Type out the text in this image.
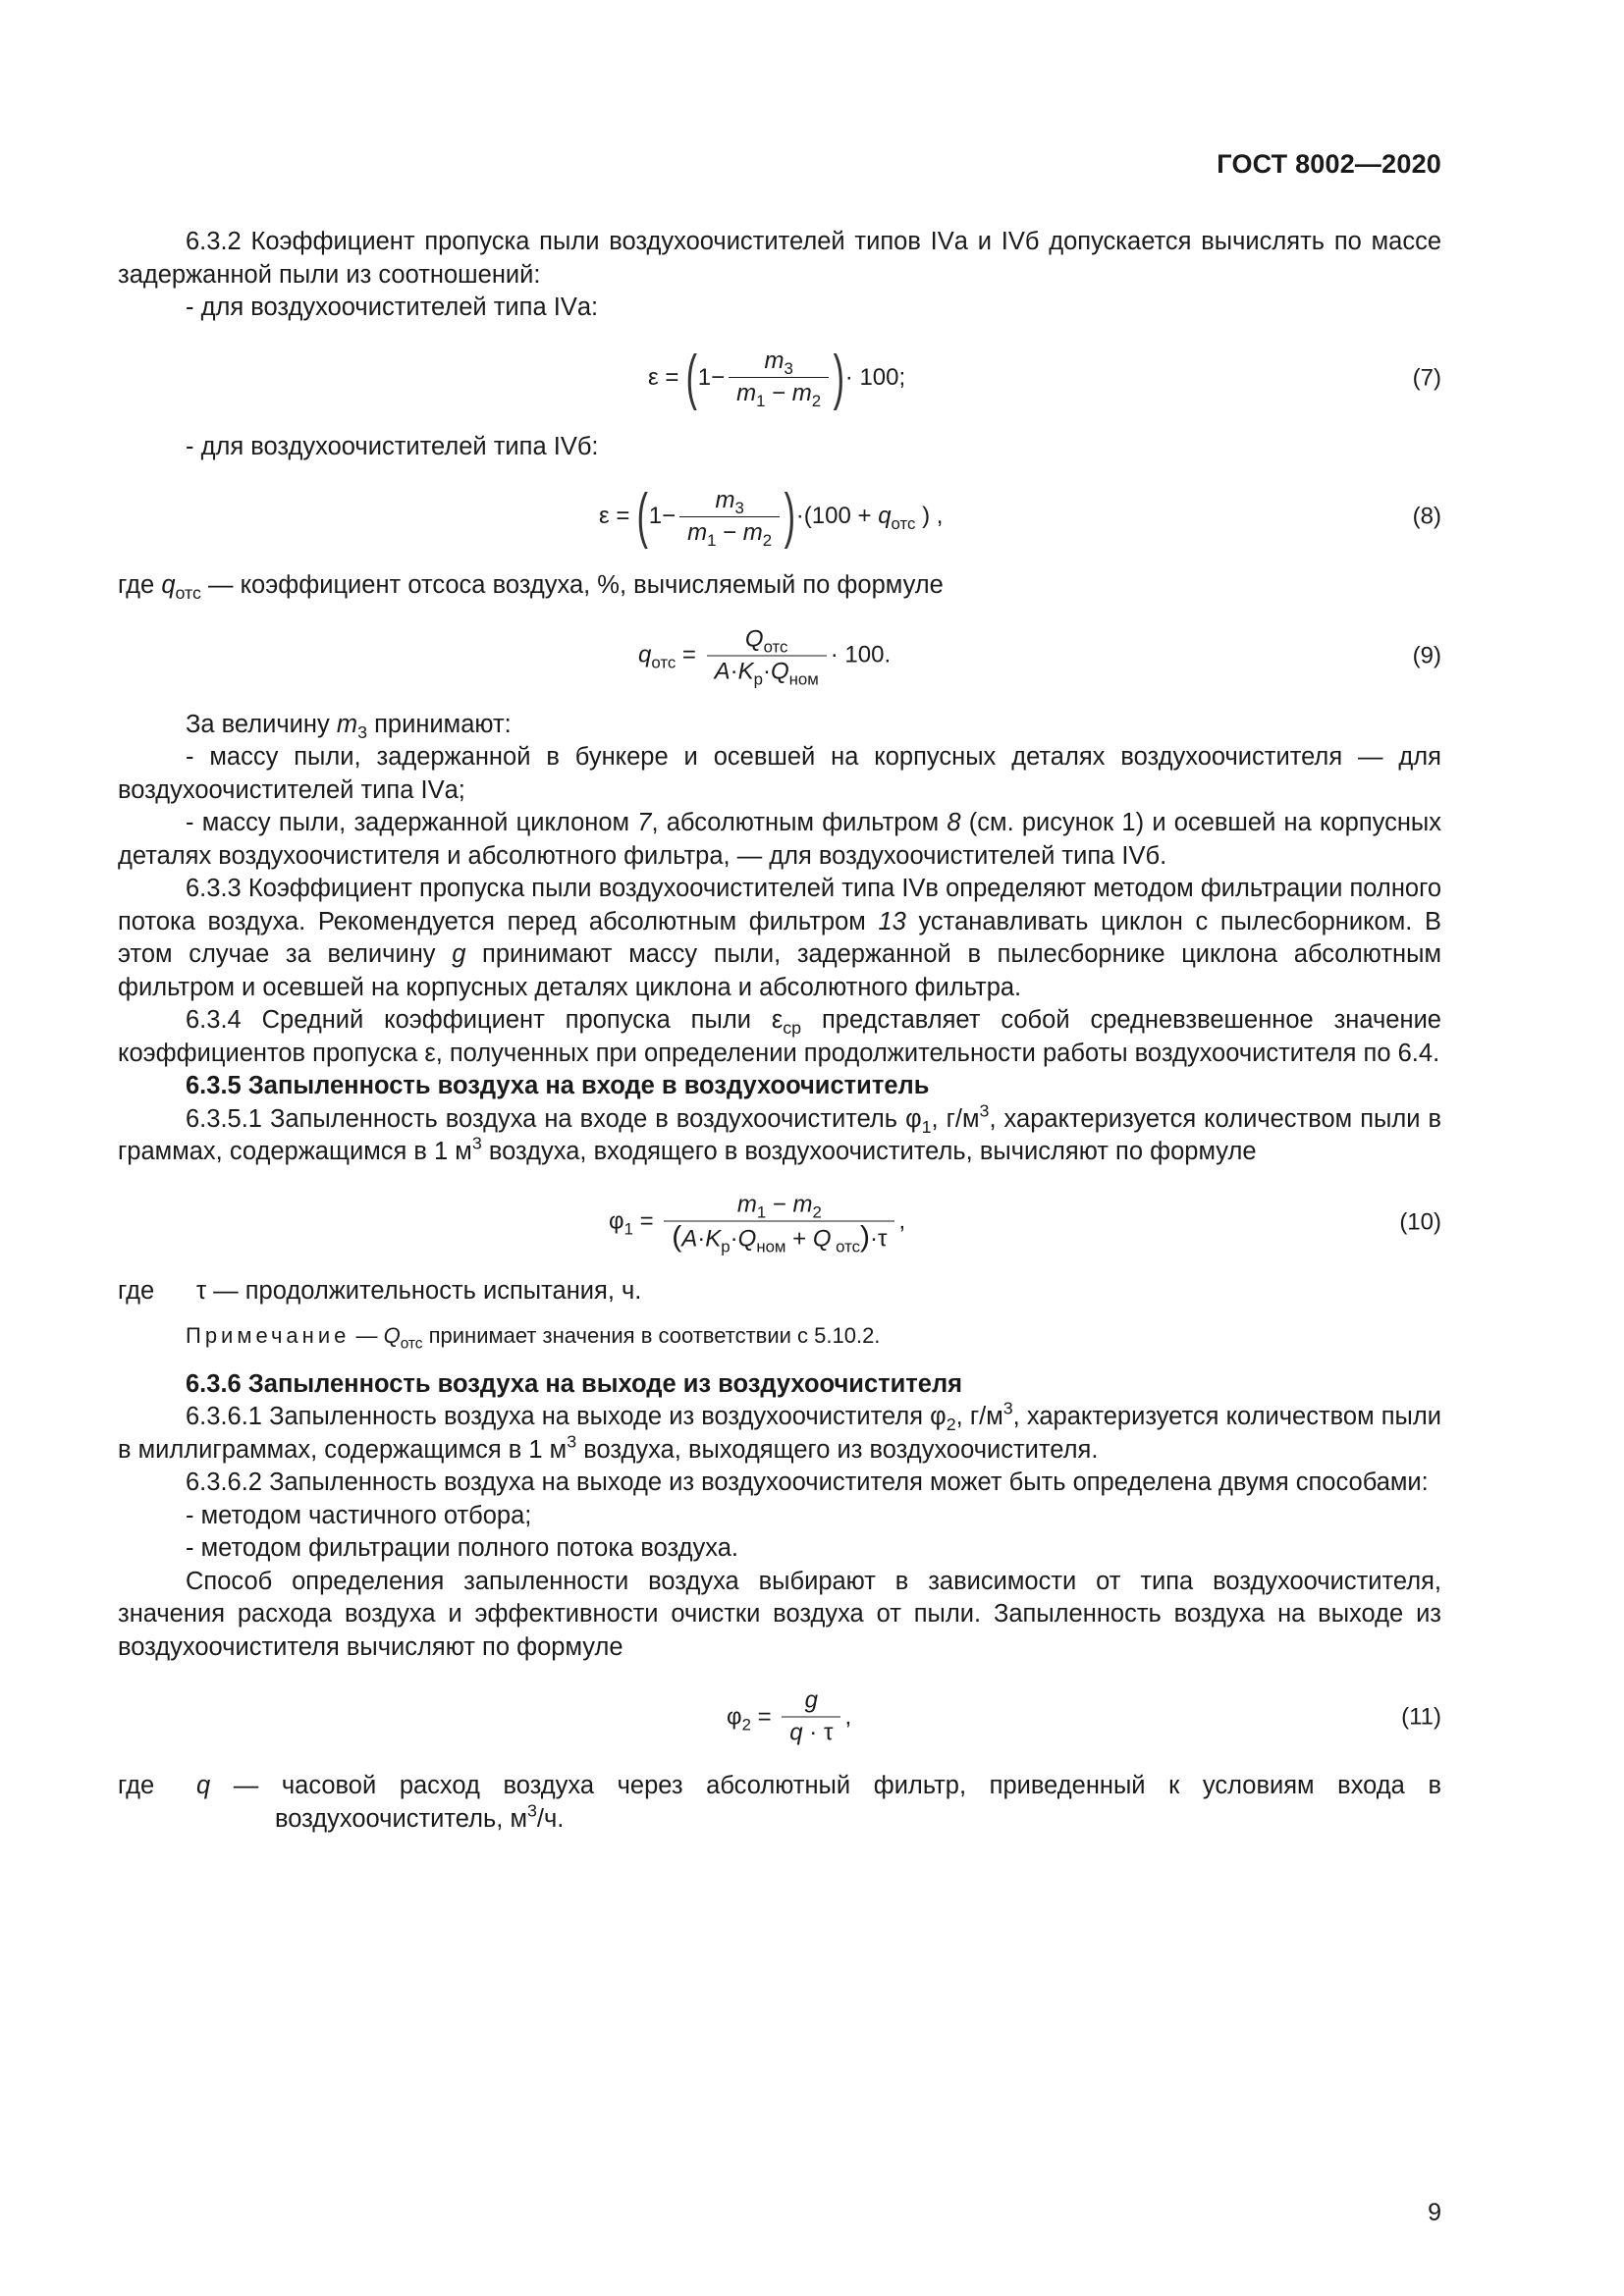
ГОСТ 8002—2020

6.3.2 Коэффициент пропуска пыли воздухоочистителей типов IVа и IVб допускается вычислять по массе задержанной пыли из соотношений:

- для воздухоочистителей типа IVа:

ε
=
( $1- \frac{m_3}{m_1 - m_2}$ ) · 100;	(7)

- для воздухоочистителей типа IVб:

ε
=
( $1- \frac{m_3}{m_1 - m_2}$ ) $\cdot(100 + q_{отс}$ ) ,	(8)

где $q_{отс}$ — коэффициент отсоса воздуха, %, вычисляемый по формуле

$q_{отс}$
=
$\frac{Q_{отс}}{A\cdot K_р\cdot Q_{ном}} \cdot 100$.	(9)

За величину $m_3$ принимают:

- массу пыли, задержанной в бункере и осевшей на корпусных деталях воздухоочистителя — для воздухоочистителей типа IVа;

- массу пыли, задержанной циклоном 7, абсолютным фильтром 8 (см. рисунок 1) и осевшей на корпусных деталях воздухоочистителя и абсолютного фильтра, — для воздухоочистителей типа IVб.

6.3.3 Коэффициент пропуска пыли воздухоочистителей типа IVв определяют методом фильтрации полного потока воздуха. Рекомендуется перед абсолютным фильтром 13 устанавливать циклон с пылесборником. В этом случае за величину g принимают массу пыли, задержанной в пылесборнике циклона абсолютным фильтром и осевшей на корпусных деталях циклона и абсолютного фильтра.

6.3.4 Средний коэффициент пропуска пыли $\varepsilon_{ср}$ представляет собой средневзвешенное значение коэффициентов пропуска ε, полученных при определении продолжительности работы воздухоочистителя по 6.4.

6.3.5 Запыленность воздуха на входе в воздухоочиститель

6.3.5.1 Запыленность воздуха на входе в воздухоочиститель $\varphi_1$, $г/м^3$, характеризуется количеством пыли в граммах, содержащимся в 1 $м^3$ воздуха, входящего в воздухоочиститель, вычисляют по формуле

$\varphi_1$
=
$\frac{m_1 - m_2}{(A\cdot K_р\cdot Q_{ном} + Q _{отс})\cdot\tau}$ ,	(10)
где τ — продолжительность испытания, ч.

Примечание — $Q_{отс}$ принимает значения в соответствии с 5.10.2.

6.3.6 Запыленность воздуха на выходе из воздухоочистителя

6.3.6.1 Запыленность воздуха на выходе из воздухоочистителя $\varphi_2$, $г/м^3$, характеризуется количеством пыли в миллиграммах, содержащимся в 1 $м^3$ воздуха, выходящего из воздухоочистителя.

6.3.6.2 Запыленность воздуха на выходе из воздухоочистителя может быть определена двумя способами:

- методом частичного отбора;

- методом фильтрации полного потока воздуха.

Способ определения запыленности воздуха выбирают в зависимости от типа воздухоочистителя, значения расхода воздуха и эффективности очистки воздуха от пыли. Запыленность воздуха на выходе из воздухоочистителя вычисляют по формуле

$\varphi_2$
=
$\frac{g}{q \cdot \tau}$ ,	(11)
где q — часовой расход воздуха через абсолютный фильтр, приведенный к условиям входа в воздухоочиститель, $м^3/ч$.
9
